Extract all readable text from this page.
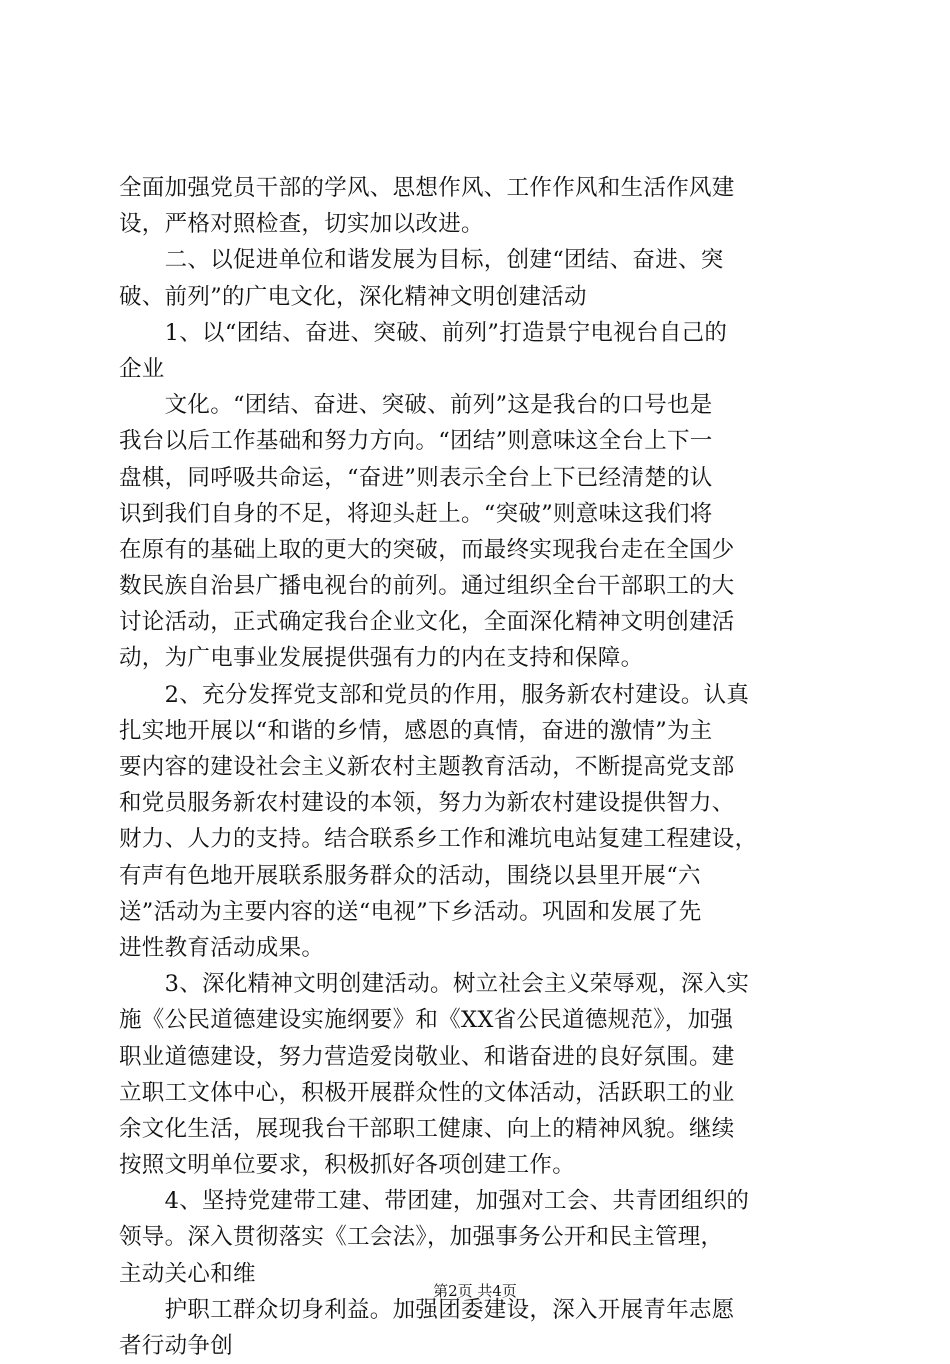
全面加强党员干部的学风、思想作风、工作作风和生活作风建
设，严格对照检查，切实加以改进。
　　二、以促进单位和谐发展为目标，创建“团结、奋进、突
破、前列”的广电文化，深化精神文明创建活动
　　1、以“团结、奋进、突破、前列”打造景宁电视台自己的
企业
　　文化。“团结、奋进、突破、前列”这是我台的口号也是
我台以后工作基础和努力方向。“团结”则意味这全台上下一
盘棋，同呼吸共命运，“奋进”则表示全台上下已经清楚的认
识到我们自身的不足，将迎头赶上。“突破”则意味这我们将
在原有的基础上取的更大的突破，而最终实现我台走在全国少
数民族自治县广播电视台的前列。通过组织全台干部职工的大
讨论活动，正式确定我台企业文化，全面深化精神文明创建活
动，为广电事业发展提供强有力的内在支持和保障。
　　2、充分发挥党支部和党员的作用，服务新农村建设。认真
扎实地开展以“和谐的乡情，感恩的真情，奋进的激情”为主
要内容的建设社会主义新农村主题教育活动，不断提高党支部
和党员服务新农村建设的本领，努力为新农村建设提供智力、
财力、人力的支持。结合联系乡工作和滩坑电站复建工程建设，
有声有色地开展联系服务群众的活动，围绕以县里开展“六
送”活动为主要内容的送“电视”下乡活动。巩固和发展了先
进性教育活动成果。
　　3、深化精神文明创建活动。树立社会主义荣辱观，深入实
施《公民道德建设实施纲要》和《XX省公民道德规范》，加强
职业道德建设，努力营造爱岗敬业、和谐奋进的良好氛围。建
立职工文体中心，积极开展群众性的文体活动，活跃职工的业
余文化生活，展现我台干部职工健康、向上的精神风貌。继续
按照文明单位要求，积极抓好各项创建工作。
　　4、坚持党建带工建、带团建，加强对工会、共青团组织的
领导。深入贯彻落实《工会法》，加强事务公开和民主管理，
主动关心和维
　　护职工群众切身利益。加强团委建设，深入开展青年志愿
者行动争创
第2页 共4页
